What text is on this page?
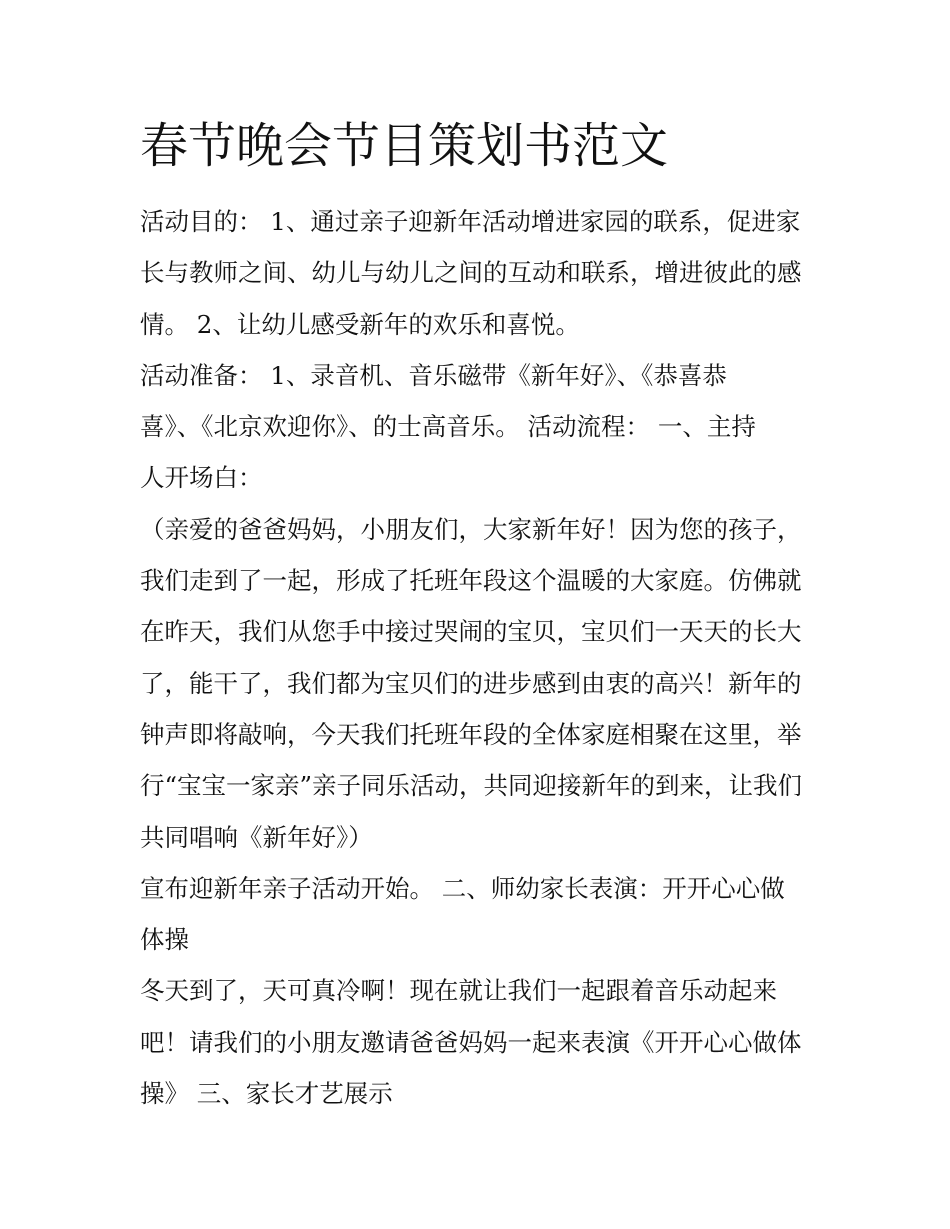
春节晚会节目策划书范文

活动目的： 1、通过亲子迎新年活动增进家园的联系，促进家
长与教师之间、幼儿与幼儿之间的互动和联系，增进彼此的感
情。 2、让幼儿感受新年的欢乐和喜悦。

活动准备： 1、录音机、音乐磁带《新年好》、《恭喜恭
喜》、《北京欢迎你》、的士高音乐。 活动流程： 一、主持
人开场白：

（亲爱的爸爸妈妈，小朋友们，大家新年好！因为您的孩子，
我们走到了一起，形成了托班年段这个温暖的大家庭。仿佛就
在昨天，我们从您手中接过哭闹的宝贝，宝贝们一天天的长大
了，能干了，我们都为宝贝们的进步感到由衷的高兴！新年的
钟声即将敲响，今天我们托班年段的全体家庭相聚在这里，举
行“宝宝一家亲”亲子同乐活动，共同迎接新年的到来，让我们
共同唱响《新年好》）

宣布迎新年亲子活动开始。 二、师幼家长表演：开开心心做
体操

冬天到了，天可真冷啊！现在就让我们一起跟着音乐动起来
吧！请我们的小朋友邀请爸爸妈妈一起来表演《开开心心做体
操》 三、家长才艺展示
